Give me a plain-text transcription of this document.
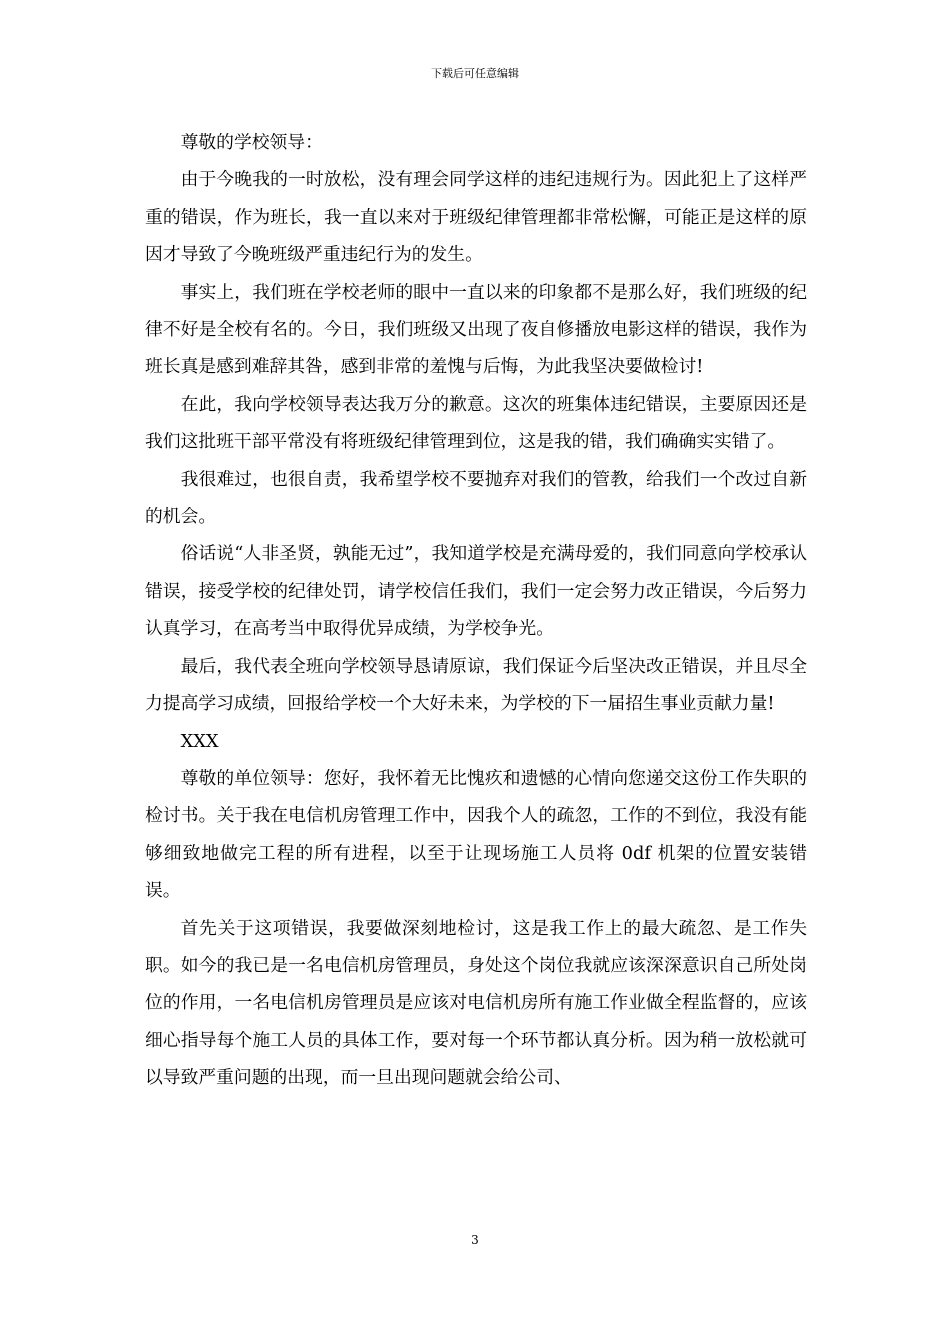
下载后可任意编辑

尊敬的学校领导：

由于今晚我的一时放松，没有理会同学这样的违纪违规行为。因此犯上了这样严重的错误，作为班长，我一直以来对于班级纪律管理都非常松懈，可能正是这样的原因才导致了今晚班级严重违纪行为的发生。

事实上，我们班在学校老师的眼中一直以来的印象都不是那么好，我们班级的纪律不好是全校有名的。今日，我们班级又出现了夜自修播放电影这样的错误，我作为班长真是感到难辞其咎，感到非常的羞愧与后悔，为此我坚决要做检讨!

在此，我向学校领导表达我万分的歉意。这次的班集体违纪错误，主要原因还是我们这批班干部平常没有将班级纪律管理到位，这是我的错，我们确确实实错了。

我很难过，也很自责，我希望学校不要抛弃对我们的管教，给我们一个改过自新的机会。

俗话说“人非圣贤，孰能无过”，我知道学校是充满母爱的，我们同意向学校承认错误，接受学校的纪律处罚，请学校信任我们，我们一定会努力改正错误，今后努力认真学习，在高考当中取得优异成绩，为学校争光。

最后，我代表全班向学校领导恳请原谅，我们保证今后坚决改正错误，并且尽全力提高学习成绩，回报给学校一个大好未来，为学校的下一届招生事业贡献力量!

XXX

尊敬的单位领导：您好，我怀着无比愧疚和遗憾的心情向您递交这份工作失职的检讨书。关于我在电信机房管理工作中，因我个人的疏忽，工作的不到位，我没有能够细致地做完工程的所有进程，以至于让现场施工人员将 0df 机架的位置安装错误。

首先关于这项错误，我要做深刻地检讨，这是我工作上的最大疏忽、是工作失职。如今的我已是一名电信机房管理员，身处这个岗位我就应该深深意识自己所处岗位的作用，一名电信机房管理员是应该对电信机房所有施工作业做全程监督的，应该细心指导每个施工人员的具体工作，要对每一个环节都认真分析。因为稍一放松就可以导致严重问题的出现，而一旦出现问题就会给公司、

3
